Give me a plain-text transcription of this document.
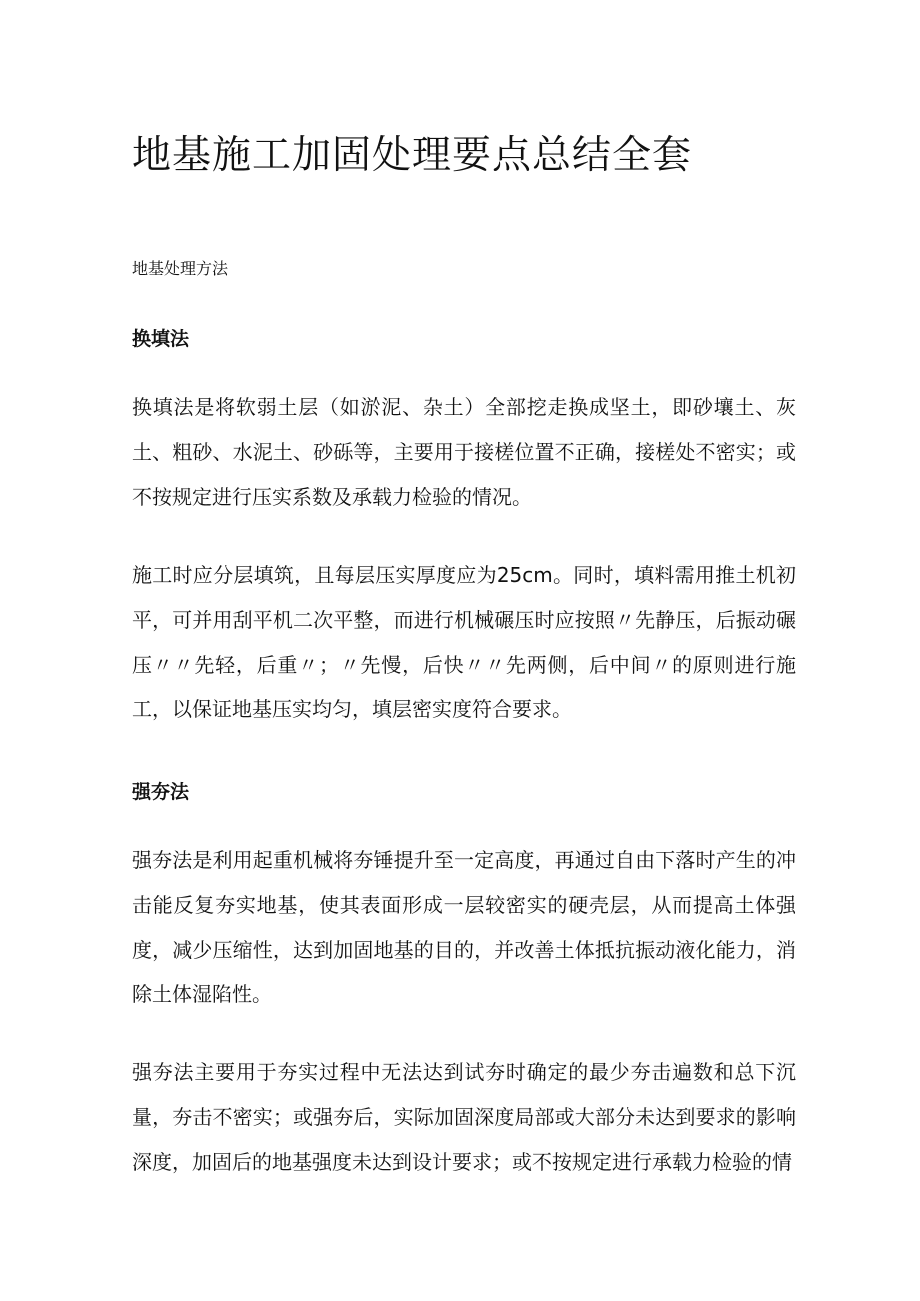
地基施工加固处理要点总结全套
地基处理方法
换填法

换填法是将软弱土层（如淤泥、杂土）全部挖走换成坚土，即砂壤土、灰土、粗砂、水泥土、砂砾等，主要用于接槎位置不正确，接槎处不密实；或不按规定进行压实系数及承载力检验的情况。

施工时应分层填筑，且每层压实厚度应为25cm。同时，填料需用推土机初平，可并用刮平机二次平整，而进行机械碾压时应按照〃先静压，后振动碾压〃〃先轻，后重〃；〃先慢，后快〃〃先两侧，后中间〃的原则进行施工，以保证地基压实均匀，填层密实度符合要求。

强夯法

强夯法是利用起重机械将夯锤提升至一定高度，再通过自由下落时产生的冲击能反复夯实地基，使其表面形成一层较密实的硬壳层，从而提高土体强度，减少压缩性，达到加固地基的目的，并改善土体抵抗振动液化能力，消除土体湿陷性。

强夯法主要用于夯实过程中无法达到试夯时确定的最少夯击遍数和总下沉量，夯击不密实；或强夯后，实际加固深度局部或大部分未达到要求的影响深度，加固后的地基强度未达到设计要求；或不按规定进行承载力检验的情
